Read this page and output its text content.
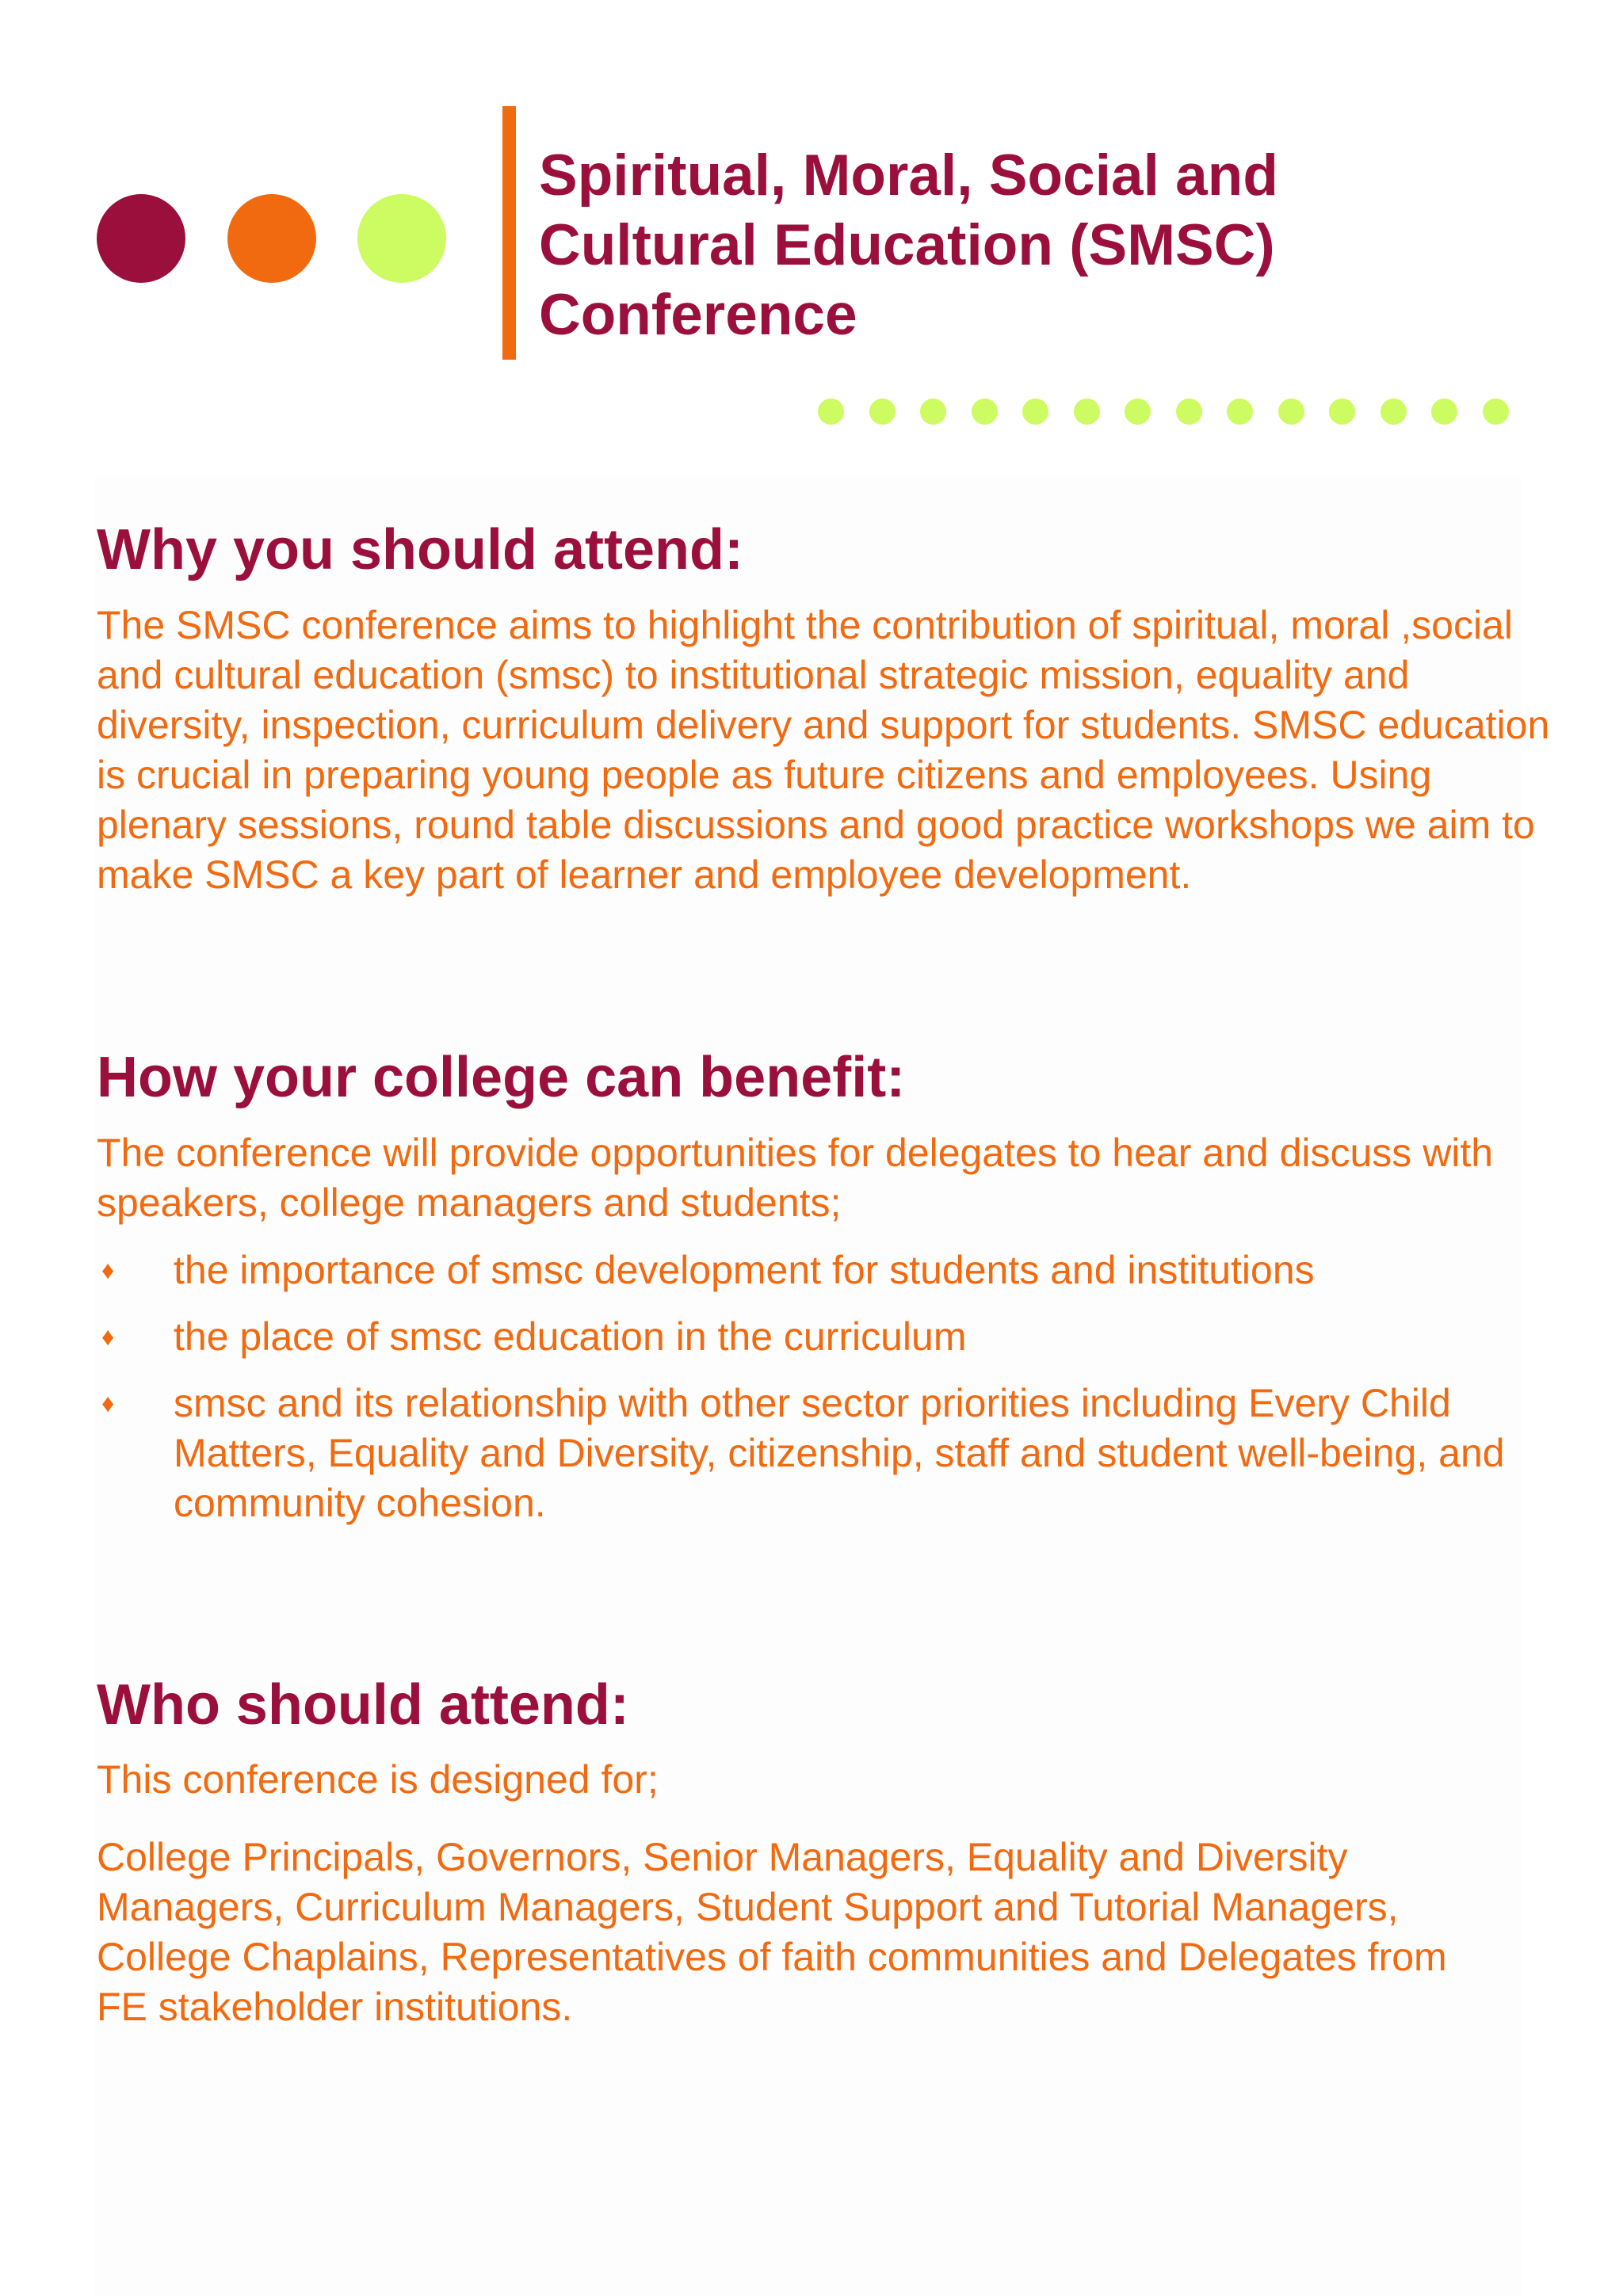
Spiritual, Moral, Social and
Cultural Education (SMSC)
Conference
Why you should attend:

The SMSC conference aims to highlight the contribution of spiritual, moral ,social and cultural education (smsc) to institutional strategic mission, equality and diversity, inspection, curriculum delivery and support for students. SMSC education is crucial in preparing young people as future citizens and employees. Using plenary sessions, round table discussions and good practice workshops we aim to make SMSC a key part of learner and employee development.

How your college can benefit:

The conference will provide opportunities for delegates to hear and discuss with speakers, college managers and students;

♦ the importance of smsc development for students and institutions
♦ the place of smsc education in the curriculum
♦ smsc and its relationship with other sector priorities including Every Child Matters, Equality and Diversity, citizenship, staff and student well-being, and community cohesion.
Who should attend:

This conference is designed for;

College Principals, Governors, Senior Managers, Equality and Diversity Managers, Curriculum Managers, Student Support and Tutorial Managers, College Chaplains, Representatives of faith communities and Delegates from FE stakeholder institutions.
